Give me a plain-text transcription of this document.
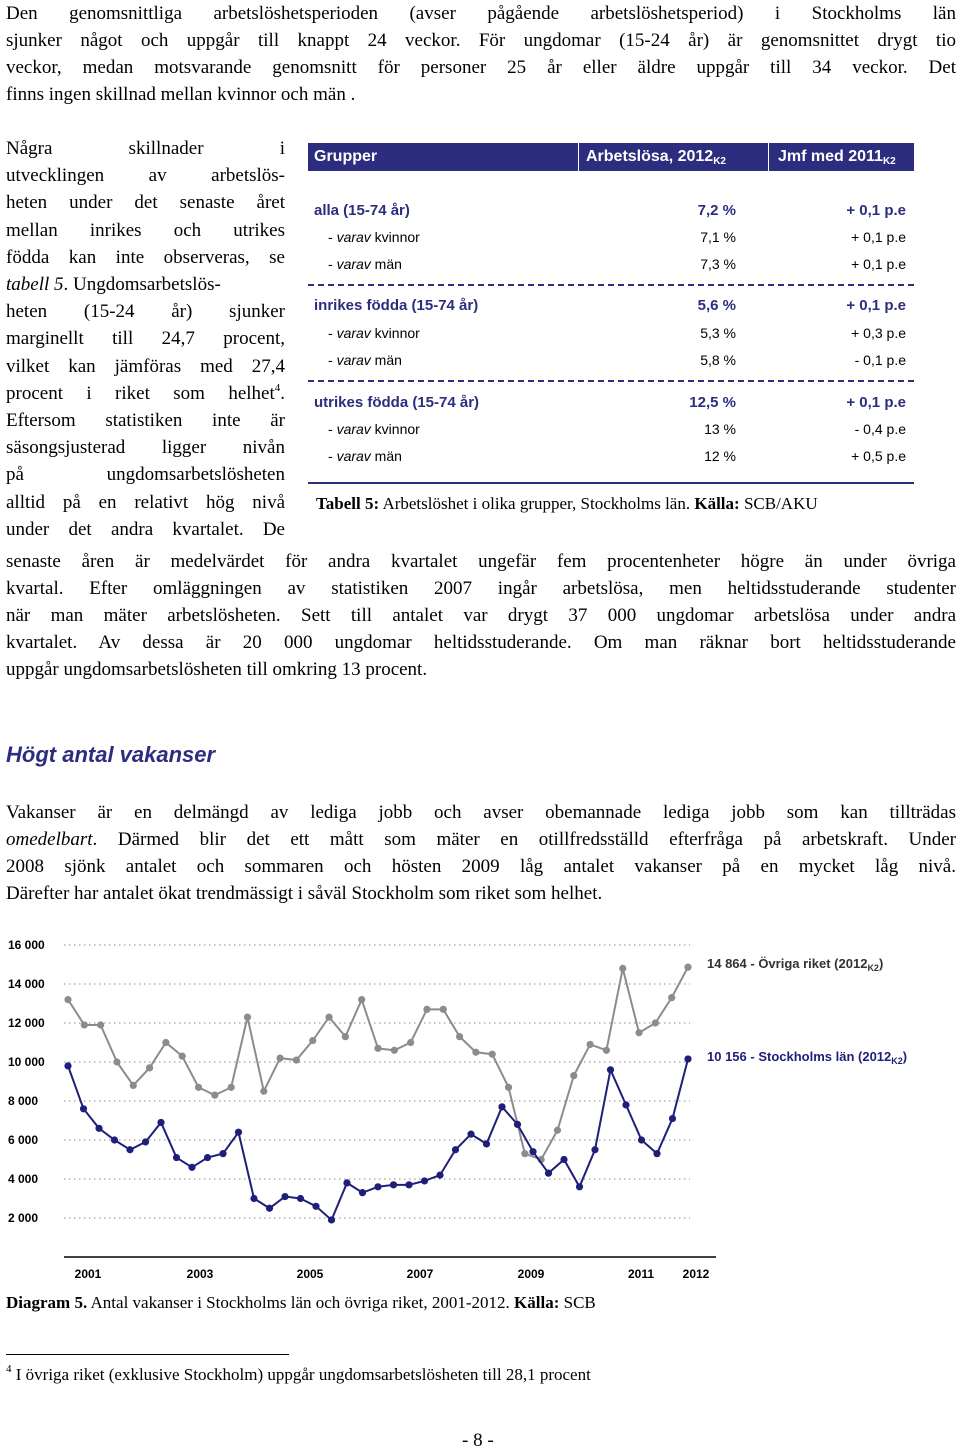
Den genomsnittliga arbetslöshetsperioden (avser pågående arbetslöshetsperiod) i Stockholms län
sjunker något och uppgår till knappt 24 veckor. För ungdomar (15-24 år) är genomsnittet drygt tio
veckor, medan motsvarande genomsnitt för personer 25 år eller äldre uppgår till 34 veckor. Det
finns ingen skillnad mellan kvinnor och män .
Några skillnader i
utvecklingen av arbetslös-
heten under det senaste året
mellan inrikes och utrikes
födda kan inte observeras, se
tabell 5. Ungdomsarbetslös-
heten (15-24 år) sjunker
marginellt till 24,7 procent,
vilket kan jämföras med 27,4
procent i riket som helhet$^4$.
Eftersom statistiken inte är
säsongsjusterad ligger nivån
på ungdomsarbetslösheten
alltid på en relativt hög nivå
under det andra kvartalet. De
Grupper	Arbetslösa, $2012_{K2}$	Jmf med $2011_{K2}$
alla (15-74 år)	7,2 %	+ 0,1 p.e
- varav kvinnor	7,1 %	+ 0,1 p.e
- varav män	7,3 %	+ 0,1 p.e
inrikes födda (15-74 år)	5,6 %	+ 0,1 p.e
- varav kvinnor	5,3 %	+ 0,3 p.e
- varav män	5,8 %	- 0,1 p.e
utrikes födda (15-74 år)	12,5 %	+ 0,1 p.e
- varav kvinnor	13 %	- 0,4 p.e
- varav män	12 %	+ 0,5 p.e
Tabell 5: Arbetslöshet i olika grupper, Stockholms län. Källa: SCB/AKU
senaste åren är medelvärdet för andra kvartalet ungefär fem procentenheter högre än under övriga
kvartal. Efter omläggningen av statistiken 2007 ingår arbetslösa, men heltidsstuderande studenter
när man mäter arbetslösheten. Sett till antalet var drygt 37 000 ungdomar arbetslösa under andra
kvartalet. Av dessa är 20 000 ungdomar heltidsstuderande. Om man räknar bort heltidsstuderande
uppgår ungdomsarbetslösheten till omkring 13 procent.
Högt antal vakanser
Vakanser är en delmängd av lediga jobb och avser obemannade lediga jobb som kan tillträdas
omedelbart. Därmed blir det ett mått som mäter en otillfredsställd efterfråga på arbetskraft. Under
2008 sjönk antalet och sommaren och hösten 2009 låg antalet vakanser på en mycket låg nivå.
Därefter har antalet ökat trendmässigt i såväl Stockholm som riket som helhet.
16 000
14 000
12 000
10 000
8 000
6 000
4 000
2 000
2001	2003	2005	2007	2009	2011 2012
14 864 - Övriga riket $(2012_{K2})$
10 156 - Stockholms län $(2012_{K2})$
Diagram 5. Antal vakanser i Stockholms län och övriga riket, 2001-2012. Källa: SCB
$^4$ I övriga riket (exklusive Stockholm) uppgår ungdomsarbetslösheten till 28,1 procent
- 8 -
